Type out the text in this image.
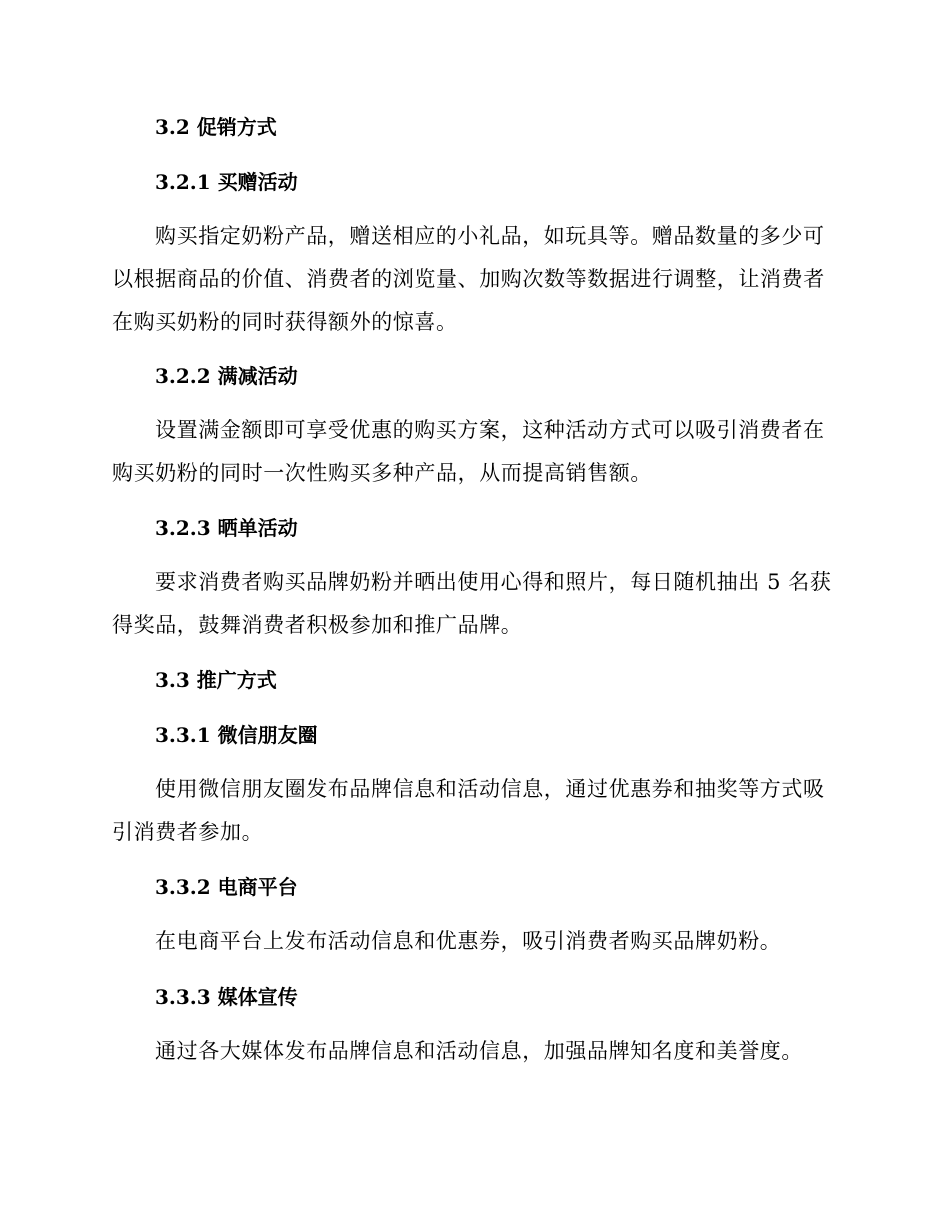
3.2 促销方式
3.2.1 买赠活动

购买指定奶粉产品，赠送相应的小礼品，如玩具等。赠品数量的多少可以根据商品的价值、消费者的浏览量、加购次数等数据进行调整，让消费者在购买奶粉的同时获得额外的惊喜。

3.2.2 满减活动

设置满金额即可享受优惠的购买方案，这种活动方式可以吸引消费者在购买奶粉的同时一次性购买多种产品，从而提高销售额。

3.2.3 晒单活动

要求消费者购买品牌奶粉并晒出使用心得和照片，每日随机抽出 5 名获得奖品，鼓舞消费者积极参加和推广品牌。

3.3 推广方式
3.3.1 微信朋友圈

使用微信朋友圈发布品牌信息和活动信息，通过优惠券和抽奖等方式吸引消费者参加。

3.3.2 电商平台

在电商平台上发布活动信息和优惠券，吸引消费者购买品牌奶粉。

3.3.3 媒体宣传

通过各大媒体发布品牌信息和活动信息，加强品牌知名度和美誉度。
